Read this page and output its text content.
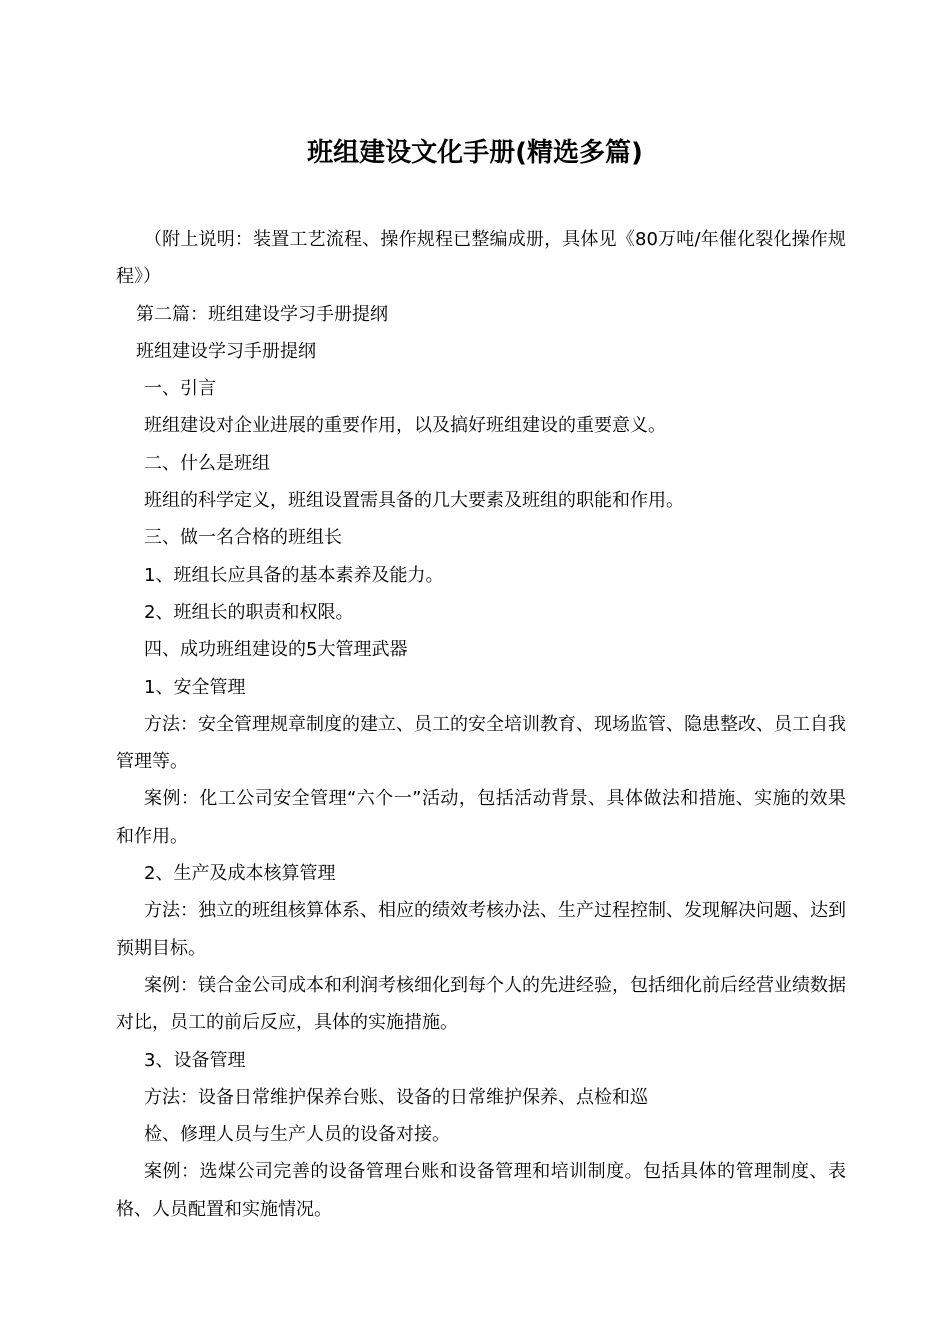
班组建设文化手册(精选多篇)

（附上说明：装置工艺流程、操作规程已整编成册，具体见《80万吨/年催化裂化操作规程》）

第二篇：班组建设学习手册提纲

班组建设学习手册提纲

一、引言

班组建设对企业进展的重要作用，以及搞好班组建设的重要意义。

二、什么是班组

班组的科学定义，班组设置需具备的几大要素及班组的职能和作用。

三、做一名合格的班组长

1、班组长应具备的基本素养及能力。

2、班组长的职责和权限。

四、成功班组建设的5大管理武器

1、安全管理

方法：安全管理规章制度的建立、员工的安全培训教育、现场监管、隐患整改、员工自我管理等。

案例：化工公司安全管理“六个一”活动，包括活动背景、具体做法和措施、实施的效果和作用。

2、生产及成本核算管理

方法：独立的班组核算体系、相应的绩效考核办法、生产过程控制、发现解决问题、达到预期目标。

案例：镁合金公司成本和利润考核细化到每个人的先进经验，包括细化前后经营业绩数据对比，员工的前后反应，具体的实施措施。

3、设备管理

方法：设备日常维护保养台账、设备的日常维护保养、点检和巡

检、修理人员与生产人员的设备对接。

案例：选煤公司完善的设备管理台账和设备管理和培训制度。包括具体的管理制度、表格、人员配置和实施情况。
